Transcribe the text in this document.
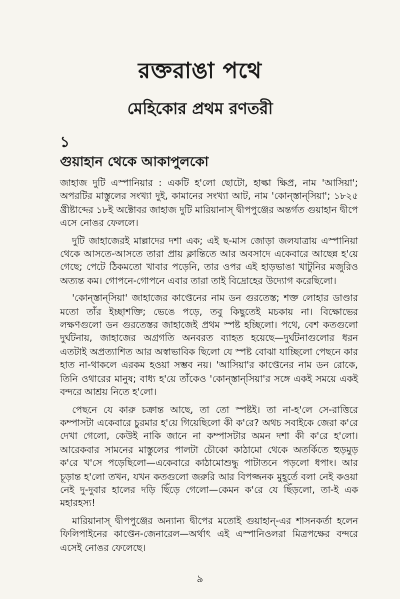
রক্তরাঙা পথে
মেহিকোর প্রথম রণতরী
১
গুয়াহান থেকে আকাপুলকো

জাহাজ দুটি এস্পানিয়ার : একটি হ'লো ছোটো, হাল্কা ক্ষিপ্র, নাম 'আসিয়া'; অপরটির মাস্তুলের সংখ্যা দুই, কামানের সংখ্যা আট, নাম 'কোন্‌স্তান্‌সিয়া'; ১৮২৫ খ্রীষ্টাব্দের ১৮ই অক্টোবর জাহাজ দুটি মারিয়ানাস্ দ্বীপপুঞ্জের অন্তর্গত গুয়াহান দ্বীপে এসে নোঙর ফেললে।

দুটি জাহাজেরই মাল্লাদের দশা এক; এই ছ-মাস জোড়া জলযাত্রায় এস্পানিয়া থেকে আসতে-আসতে তারা প্রায় ক্লান্তিতে আর অবসাদে একেবারে আছেন্ন হ'য়ে গেছে; পেটে ঠিকমতো খাবার পড়েনি, তার ওপর এই হাড়ভাঙা খাটুনির মজুরিও অত্যন্ত কম। গোপনে-গোপনে এবার তারা তাই বিদ্রোহের উদ্যোগ করেছিলো।

'কোন্‌স্তান্‌সিয়া' জাহাজের কাপ্তেনের নাম ডন গুরতেস্ত; শক্ত লোহার ডাণ্ডার মতো তাঁর ইচ্ছাশক্তি; ভেঙে পড়ে, তবু কিছুতেই মচকায় না। বিক্ষোভের লক্ষণগুলো ডন গুরতেস্তর জাহাজেই প্রথম স্পষ্ট হচ্ছিলো। পথে, বেশ কতগুলো দুর্ঘটনায়, জাহাজের অগ্রগতি অনবরত ব্যাহত হয়েছে—দুর্ঘটনাগুলোর ধরন এতটাই অপ্রত্যাশিত আর অস্বাভাবিক ছিলো যে স্পষ্ট বোঝা যাচ্ছিলো পেছনে কার হাত না-থাকলে এরকম হওয়া সম্ভব নয়। 'আসিয়া'র কাপ্তেনের নাম ডন রোকে, তিনি ওথারের মানুষ; বাধ্য হ'য়ে তাঁকেও 'কোন্‌স্তান্‌সিয়া'র সঙ্গে একই সময়ে একই বন্দরে আশ্রয় নিতে হ'লো।

পেছনে যে কারু চক্রান্ত আছে, তা তো স্পষ্টই। তা না-হ'লে সে-রাত্তিরে কম্পাসটা একেবারে চুরমার হ'য়ে গিয়েছিলো কী ক'রে? অথচ সবাইকে জেরা ক'রে দেখা গেলো, কেউই নাকি জানে না কম্পাসটার অমন দশা কী ক'রে হ'লো। আরেকবার সামনের মাস্তুলের পালটা চৌকো কাঠামো থেকে অতর্কিতে হুড়মুড় ক'রে খ'সে পড়েছিলো—একেবারে কাঠামোশুদ্ধু পাটাতনে পড়লো ধপাং। আর চূড়ান্ত হ'লো তখন, যখন কতগুলো জরুরি আর বিপজ্জনক মুহূর্তে বলা নেই কওয়া নেই দু-দুবার হালের দড়ি ছিঁড়ে গেলো—কেমন ক'রে যে ছিঁড়লো, তা-ই এক মহারহস্য!

মারিয়ানাস্ দ্বীপপুঞ্জের অন্যান্য দ্বীপের মতোই গুয়াহান্-এর শাসনকর্তা হলেন ফিলিপাইনের কাপ্তেন-জেনারেল—অর্থাৎ এই এস্পানিওলরা মিত্রপক্ষের বন্দরে এসেই নোঙর ফেলেছে।

৯
